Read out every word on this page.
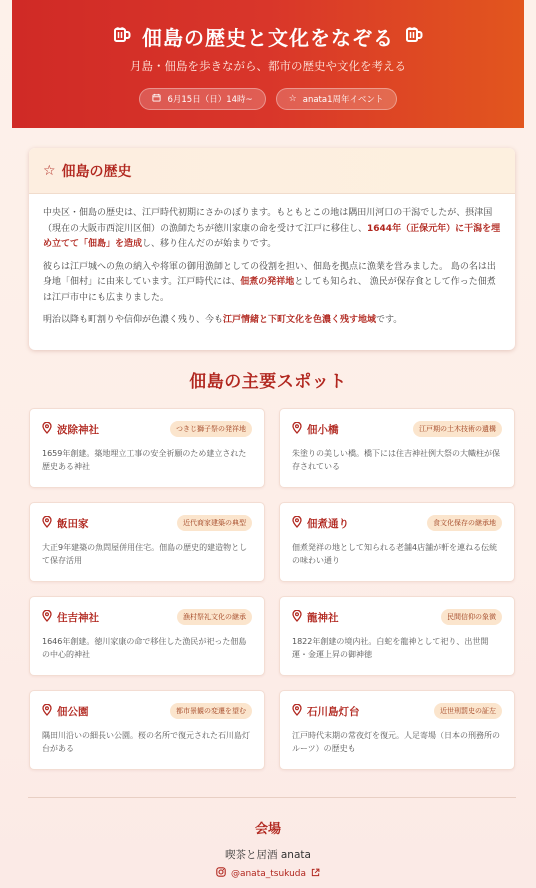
佃島の歴史と文化をなぞる
月島・佃島を歩きながら、都市の歴史や文化を考える
6月15日（日）14時~	☆ anata1周年イベント
☆ 佃島の歴史

中央区・佃島の歴史は、江戸時代初期にさかのぼります。もともとこの地は隅田川河口の干潟でしたが、摂津国（現在の大阪市西淀川区佃）の漁師たちが徳川家康の命を受けて江戸に移住し、1644年（正保元年）に干潟を埋め立てて「佃島」を造成し、移り住んだのが始まりです。

彼らは江戸城への魚の納入や将軍の御用漁師としての役割を担い、佃島を拠点に漁業を営みました。 島の名は出身地「佃村」に由来しています。江戸時代には、佃煮の発祥地としても知られ、 漁民が保存食として作った佃煮は江戸市中にも広まりました。

明治以降も町割りや信仰が色濃く残り、今も江戸情緒と下町文化を色濃く残す地域です。

佃島の主要スポット
波除神社	つきじ獅子祭の発祥地
1659年創建。築地埋立工事の安全祈願のため建立された歴史ある神社
佃小橋	江戸期の土木技術の遺構
朱塗りの美しい橋。橋下には住吉神社例大祭の大幟柱が保存されている
飯田家	近代商家建築の典型
大正9年建築の魚問屋併用住宅。佃島の歴史的建造物として保存活用
佃煮通り	食文化保存の継承地
佃煮発祥の地として知られる老舗4店舗が軒を連ねる伝統の味わい通り
住吉神社	漁村祭礼文化の継承
1646年創建。徳川家康の命で移住した漁民が祀った佃島の中心的神社
龍神社	民間信仰の象徴
1822年創建の境内社。白蛇を龍神として祀り、出世開運・金運上昇の御神徳
佃公園	都市景観の変遷を望む
隅田川沿いの細長い公園。桜の名所で復元された石川島灯台がある
石川島灯台	近世刑罰史の証左
江戸時代末期の常夜灯を復元。人足寄場（日本の刑務所のルーツ）の歴史も
会場
喫茶と居酒 anata
@anata_tsukuda
